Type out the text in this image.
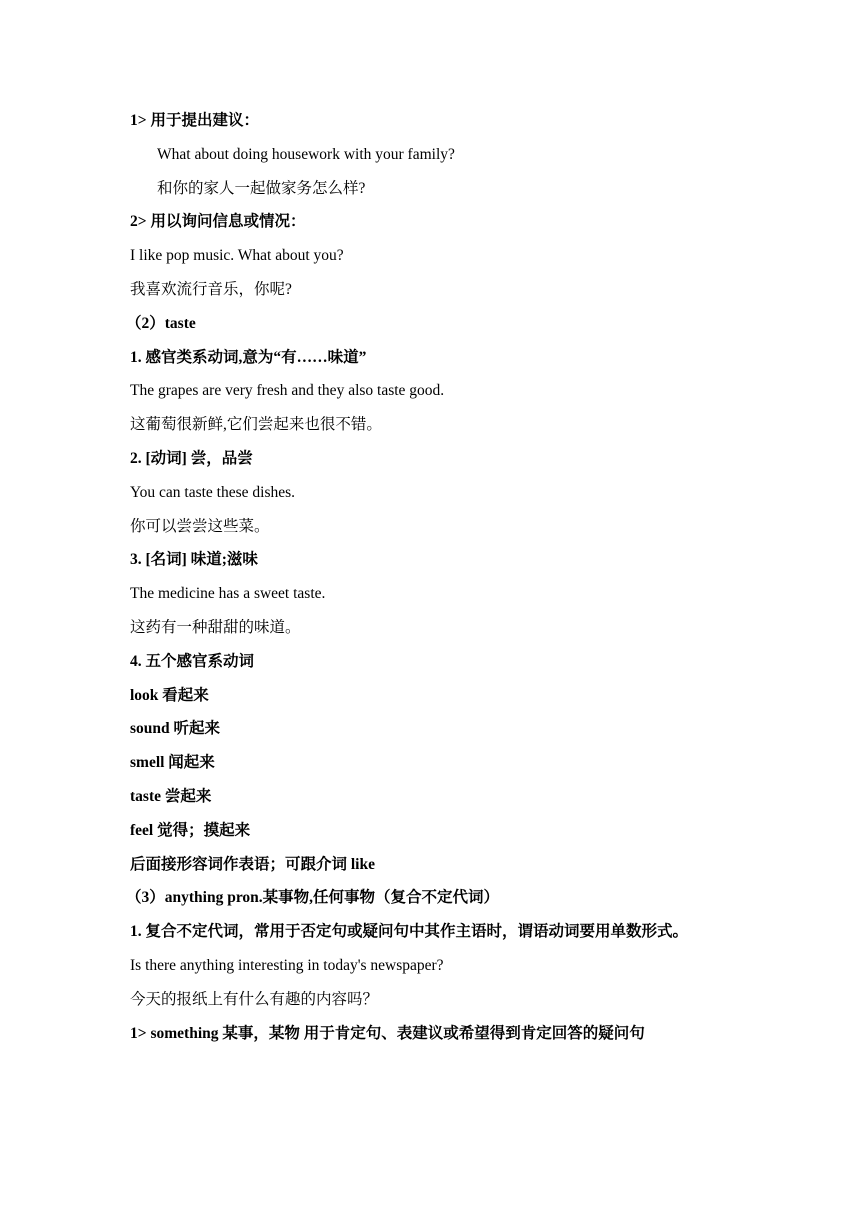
1> 用于提出建议：
What about doing housework with your family?
和你的家人一起做家务怎么样?
2> 用以询问信息或情况：
I like pop music. What about you?
我喜欢流行音乐，你呢?
（2）taste
1. 感官类系动词,意为“有……味道”
The grapes are very fresh and they also taste good.
这葡萄很新鲜,它们尝起来也很不错。
2. [动词] 尝，品尝
You can taste these dishes.
你可以尝尝这些菜。
3. [名词] 味道;滋味
The medicine has a sweet taste.
这药有一种甜甜的味道。
4. 五个感官系动词
look 看起来
sound 听起来
smell 闻起来
taste 尝起来
feel 觉得；摸起来
后面接形容词作表语；可跟介词 like
（3）anything pron.某事物,任何事物（复合不定代词）
1. 复合不定代词，常用于否定句或疑问句中其作主语时，谓语动词要用单数形式。
Is there anything interesting in today's newspaper?
今天的报纸上有什么有趣的内容吗？
1> something 某事，某物 用于肯定句、表建议或希望得到肯定回答的疑问句
